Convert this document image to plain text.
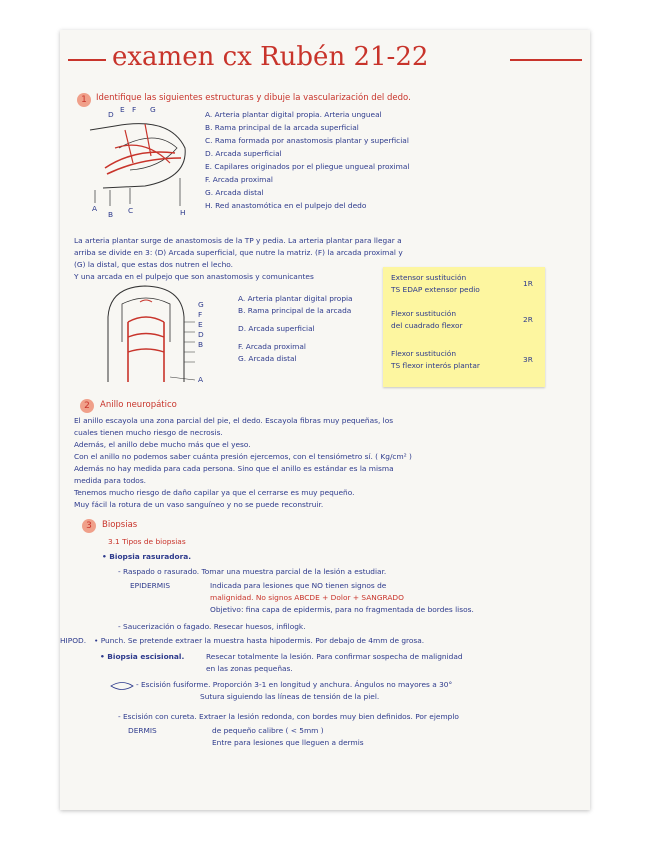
examen cx Rubén 21-22
1	Identifique las siguientes estructuras y dibuje la vascularización del dedo.
A
B C
D
E F G
H
A. Arteria plantar digital propia. Arteria ungueal
B. Rama principal de la arcada superficial
C. Rama formada por anastomosis plantar y superficial
D. Arcada superficial
E. Capilares originados por el pliegue ungueal proximal
F. Arcada proximal
G. Arcada distal
H. Red anastomótica en el pulpejo del dedo
La arteria plantar surge de anastomosis de la TP y pedia. La arteria plantar para llegar a
arriba se divide en 3: (D) Arcada superficial, que nutre la matriz. (F) la arcada proximal y
(G) la distal, que estas dos nutren el lecho.
Y una arcada en el pulpejo que son anastomosis y comunicantes
G
F
E
D
B
A
A. Arteria plantar digital propia
B. Rama principal de la arcada
D. Arcada superficial
F. Arcada proximal
G. Arcada distal
Extensor sustitución
TS EDAP extensor pedio
1R
Flexor sustitución
del cuadrado flexor
2R
Flexor sustitución
TS flexor interós plantar
3R
2	Anillo neuropático
El anillo escayola una zona parcial del pie, el dedo. Escayola fibras muy pequeñas, los
cuales tienen mucho riesgo de necrosis.
Además, el anillo debe mucho más que el yeso.
Con el anillo no podemos saber cuánta presión ejercemos, con el tensiómetro sí. ( Kg/cm² )
Además no hay medida para cada persona. Sino que el anillo es estándar es la misma
medida para todos.
Tenemos mucho riesgo de daño capilar ya que el cerrarse es muy pequeño.
Muy fácil la rotura de un vaso sanguíneo y no se puede reconstruir.
3	Biopsias
3.1 Tipos de biopsias
• Biopsia rasuradora.
- Raspado o rasurado. Tomar una muestra parcial de la lesión a estudiar.
EPIDERMIS	Indicada para lesiones que NO tienen signos de
malignidad. No signos ABCDE + Dolor + SANGRADO
Objetivo: fina capa de epidermis, para no fragmentada de bordes lisos.
- Saucerización o fagado. Resecar huesos, infilogk.
HIPOD. • Punch. Se pretende extraer la muestra hasta hipodermis. Por debajo de 4mm de grosa.
• Biopsia escisional.	Resecar totalmente la lesión. Para confirmar sospecha de malignidad
en las zonas pequeñas.
- Escisión fusiforme. Proporción 3-1 en longitud y anchura. Ángulos no mayores a 30°
Sutura siguiendo las líneas de tensión de la piel.
- Escisión con cureta. Extraer la lesión redonda, con bordes muy bien definidos. Por ejemplo
DERMIS	de pequeño calibre ( < 5mm )
Entre para lesiones que lleguen a dermis
